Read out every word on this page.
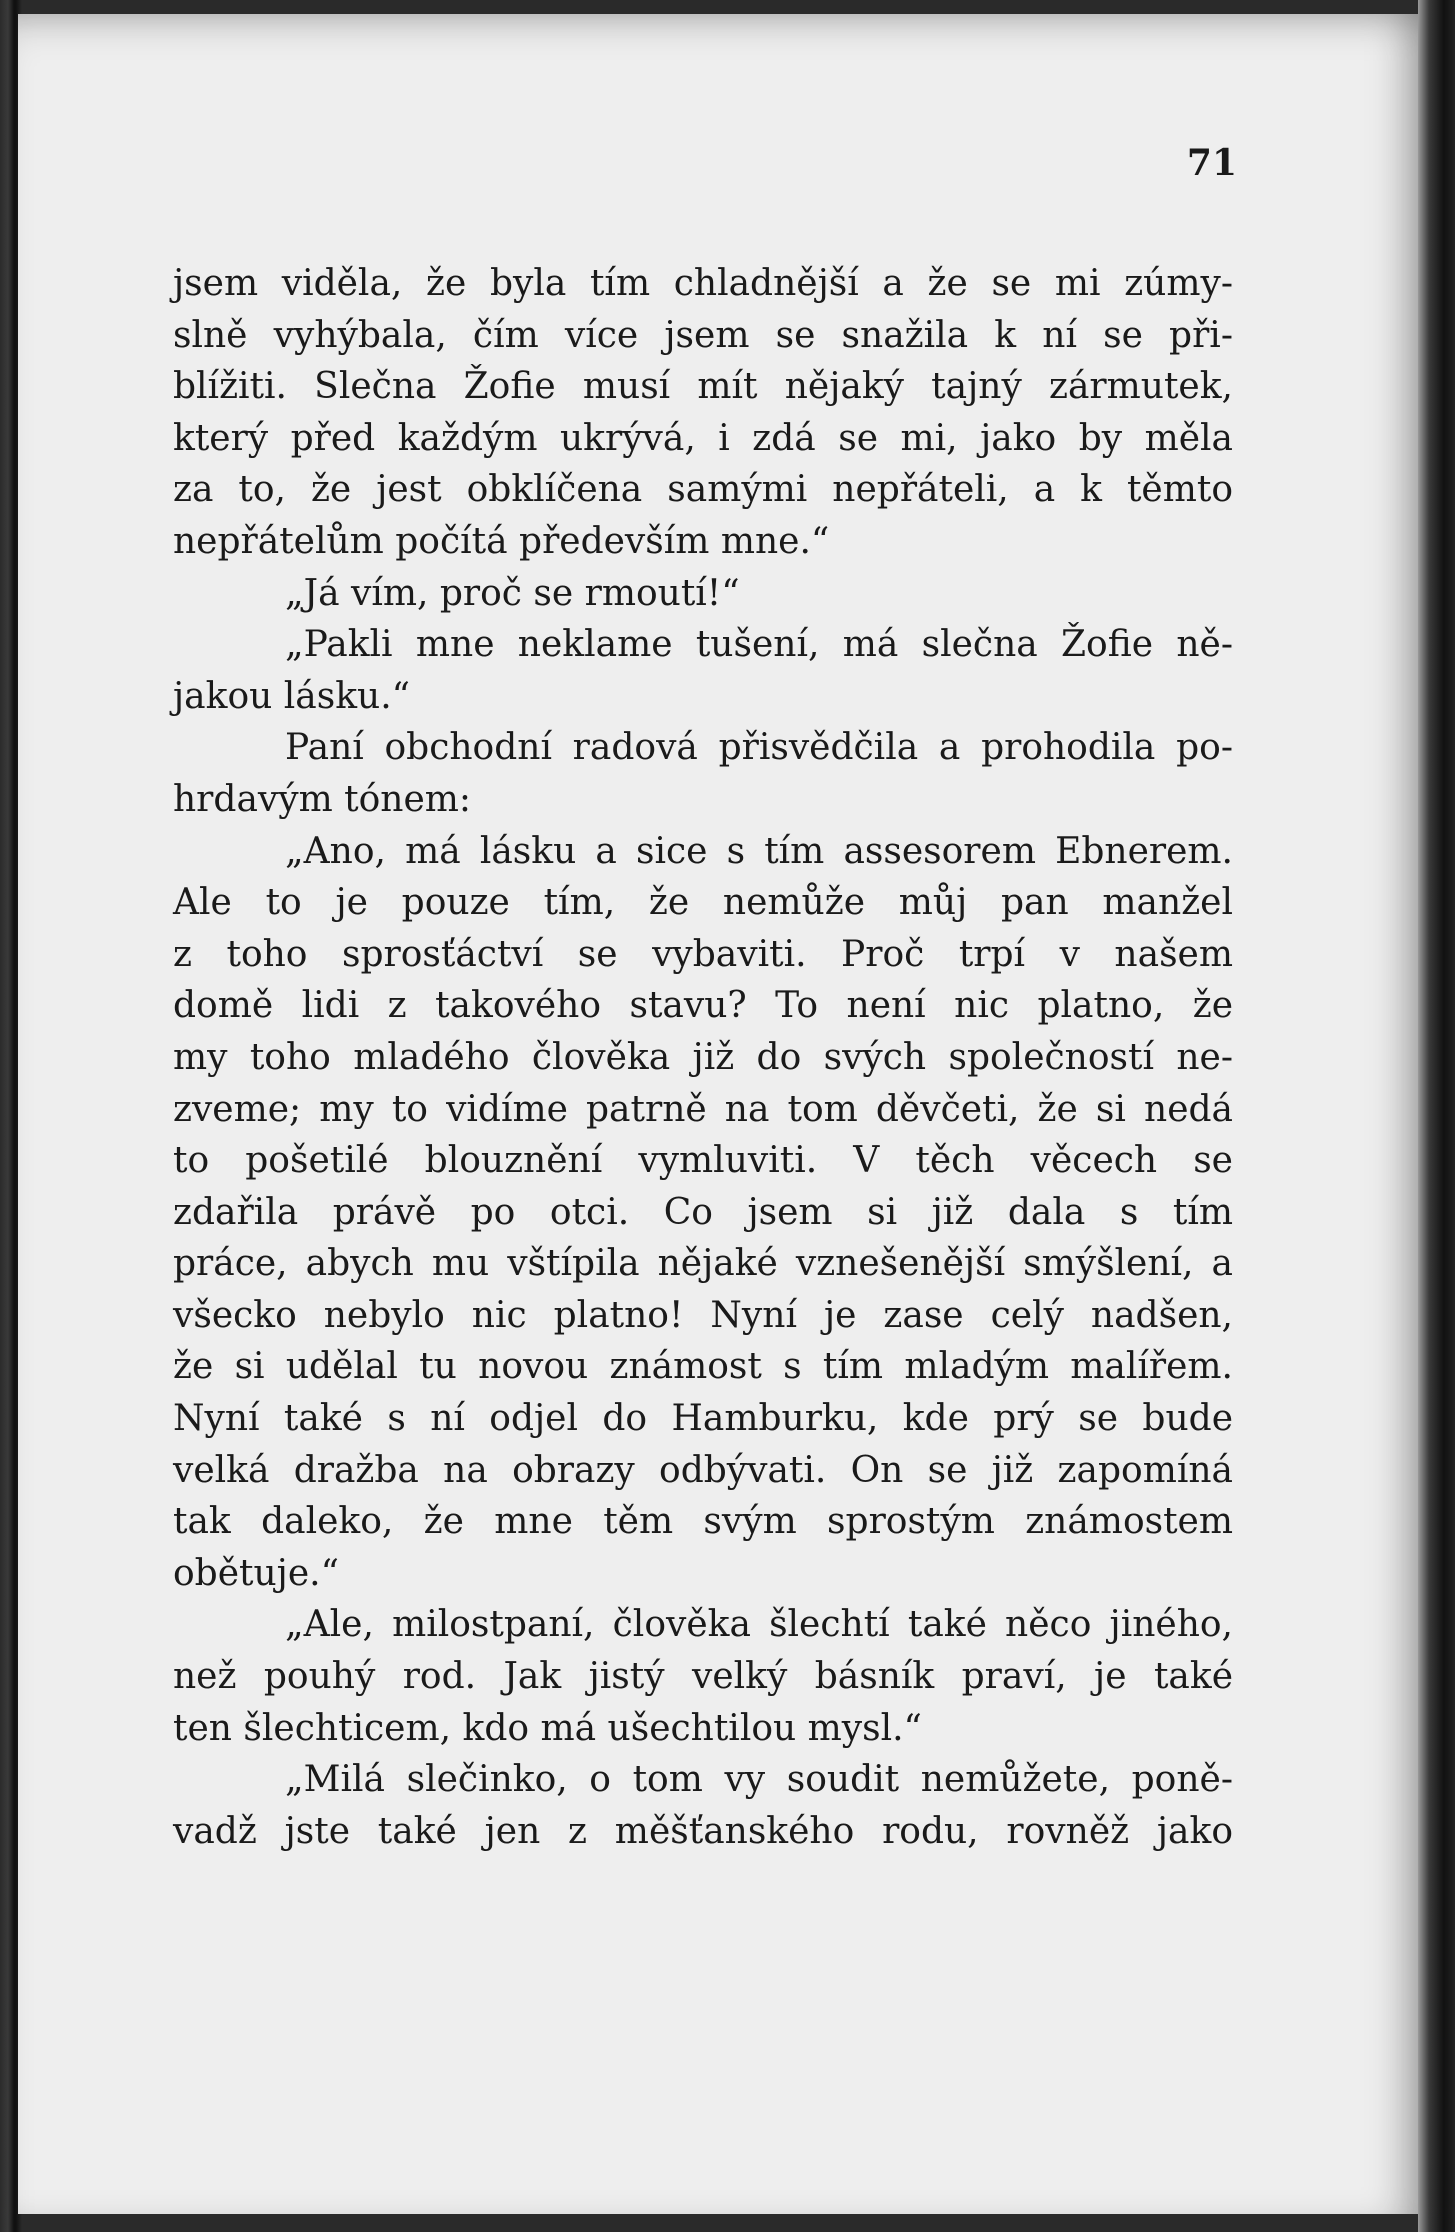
71
jsem viděla, že byla tím chladnější a že se mi zúmy-
slně vyhýbala, čím více jsem se snažila k ní se při-
blížiti. Slečna Žofie musí mít nějaký tajný zármutek,
který před každým ukrývá, i zdá se mi, jako by měla
za to, že jest obklíčena samými nepřáteli, a k těmto
nepřátelům počítá především mne.“
„Já vím, proč se rmoutí!“
„Pakli mne neklame tušení, má slečna Žofie ně-
jakou lásku.“
Paní obchodní radová přisvědčila a prohodila po-
hrdavým tónem:
„Ano, má lásku a sice s tím assesorem Ebnerem.
Ale to je pouze tím, že nemůže můj pan manžel
z toho sprosťáctví se vybaviti. Proč trpí v našem
domě lidi z takového stavu? To není nic platno, že
my toho mladého člověka již do svých společností ne-
zveme; my to vidíme patrně na tom děvčeti, že si nedá
to pošetilé blouznění vymluviti. V těch věcech se
zdařila právě po otci. Co jsem si již dala s tím
práce, abych mu vštípila nějaké vznešenější smýšlení, a
všecko nebylo nic platno! Nyní je zase celý nadšen,
že si udělal tu novou známost s tím mladým malířem.
Nyní také s ní odjel do Hamburku, kde prý se bude
velká dražba na obrazy odbývati. On se již zapomíná
tak daleko, že mne těm svým sprostým známostem
obětuje.“
„Ale, milostpaní, člověka šlechtí také něco jiného,
než pouhý rod. Jak jistý velký básník praví, je také
ten šlechticem, kdo má ušechtilou mysl.“
„Milá slečinko, o tom vy soudit nemůžete, poně-
vadž jste také jen z měšťanského rodu, rovněž jako
